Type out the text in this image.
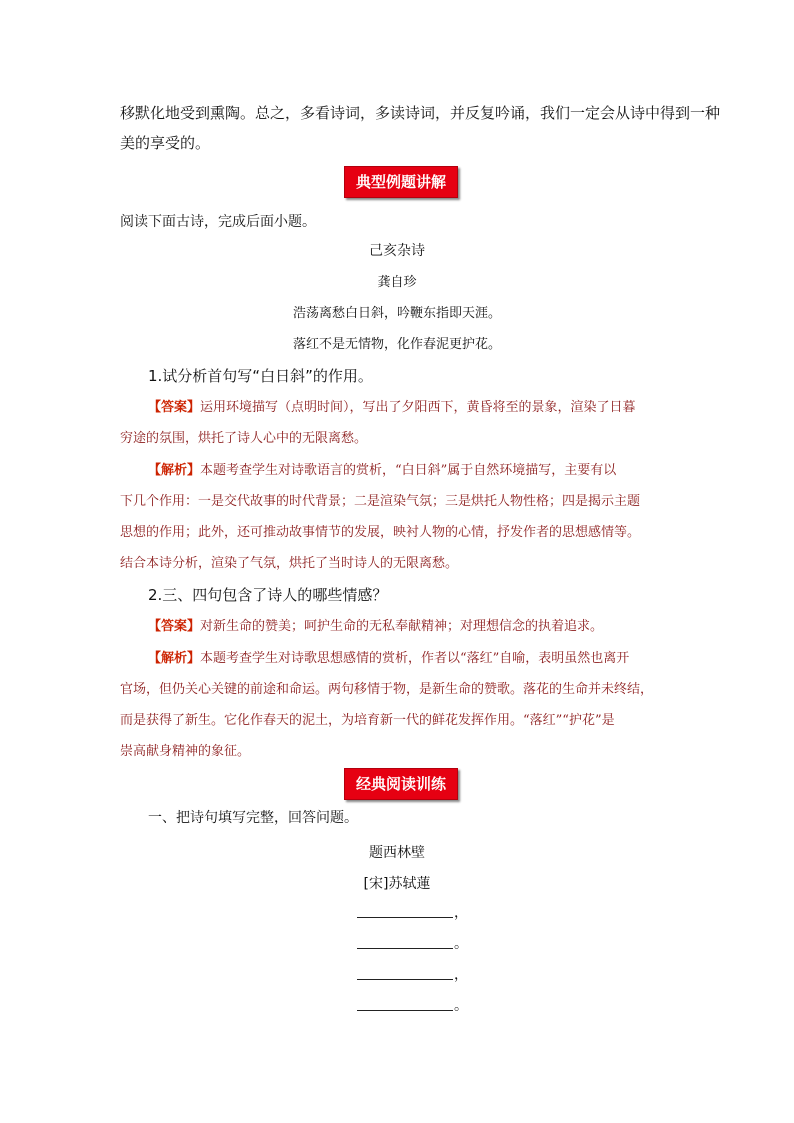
移默化地受到熏陶。总之，多看诗词，多读诗词，并反复吟诵，我们一定会从诗中得到一种
美的享受的。
典型例题讲解
阅读下面古诗，完成后面小题。
己亥杂诗
龚自珍
浩荡离愁白日斜，吟鞭东指即天涯。
落红不是无情物，化作春泥更护花。
1.试分析首句写“白日斜”的作用。
【答案】运用环境描写（点明时间），写出了夕阳西下，黄昏将至的景象，渲染了日暮
穷途的氛围，烘托了诗人心中的无限离愁。
【解析】本题考查学生对诗歌语言的赏析，“白日斜”属于自然环境描写，主要有以
下几个作用：一是交代故事的时代背景；二是渲染气氛；三是烘托人物性格；四是揭示主题
思想的作用；此外，还可推动故事情节的发展，映衬人物的心情，抒发作者的思想感情等。
结合本诗分析，渲染了气氛，烘托了当时诗人的无限离愁。
2.三、四句包含了诗人的哪些情感？
【答案】对新生命的赞美；呵护生命的无私奉献精神；对理想信念的执着追求。
【解析】本题考查学生对诗歌思想感情的赏析，作者以“落红”自喻，表明虽然也离开
官场，但仍关心关键的前途和命运。两句移情于物，是新生命的赞歌。落花的生命并未终结，
而是获得了新生。它化作春天的泥土，为培育新一代的鲜花发挥作用。“落红”“护花”是
崇高献身精神的象征。
经典阅读训练
一、把诗句填写完整，回答问题。
题西林壁
[宋]苏轼蓮
，
。
，
。
